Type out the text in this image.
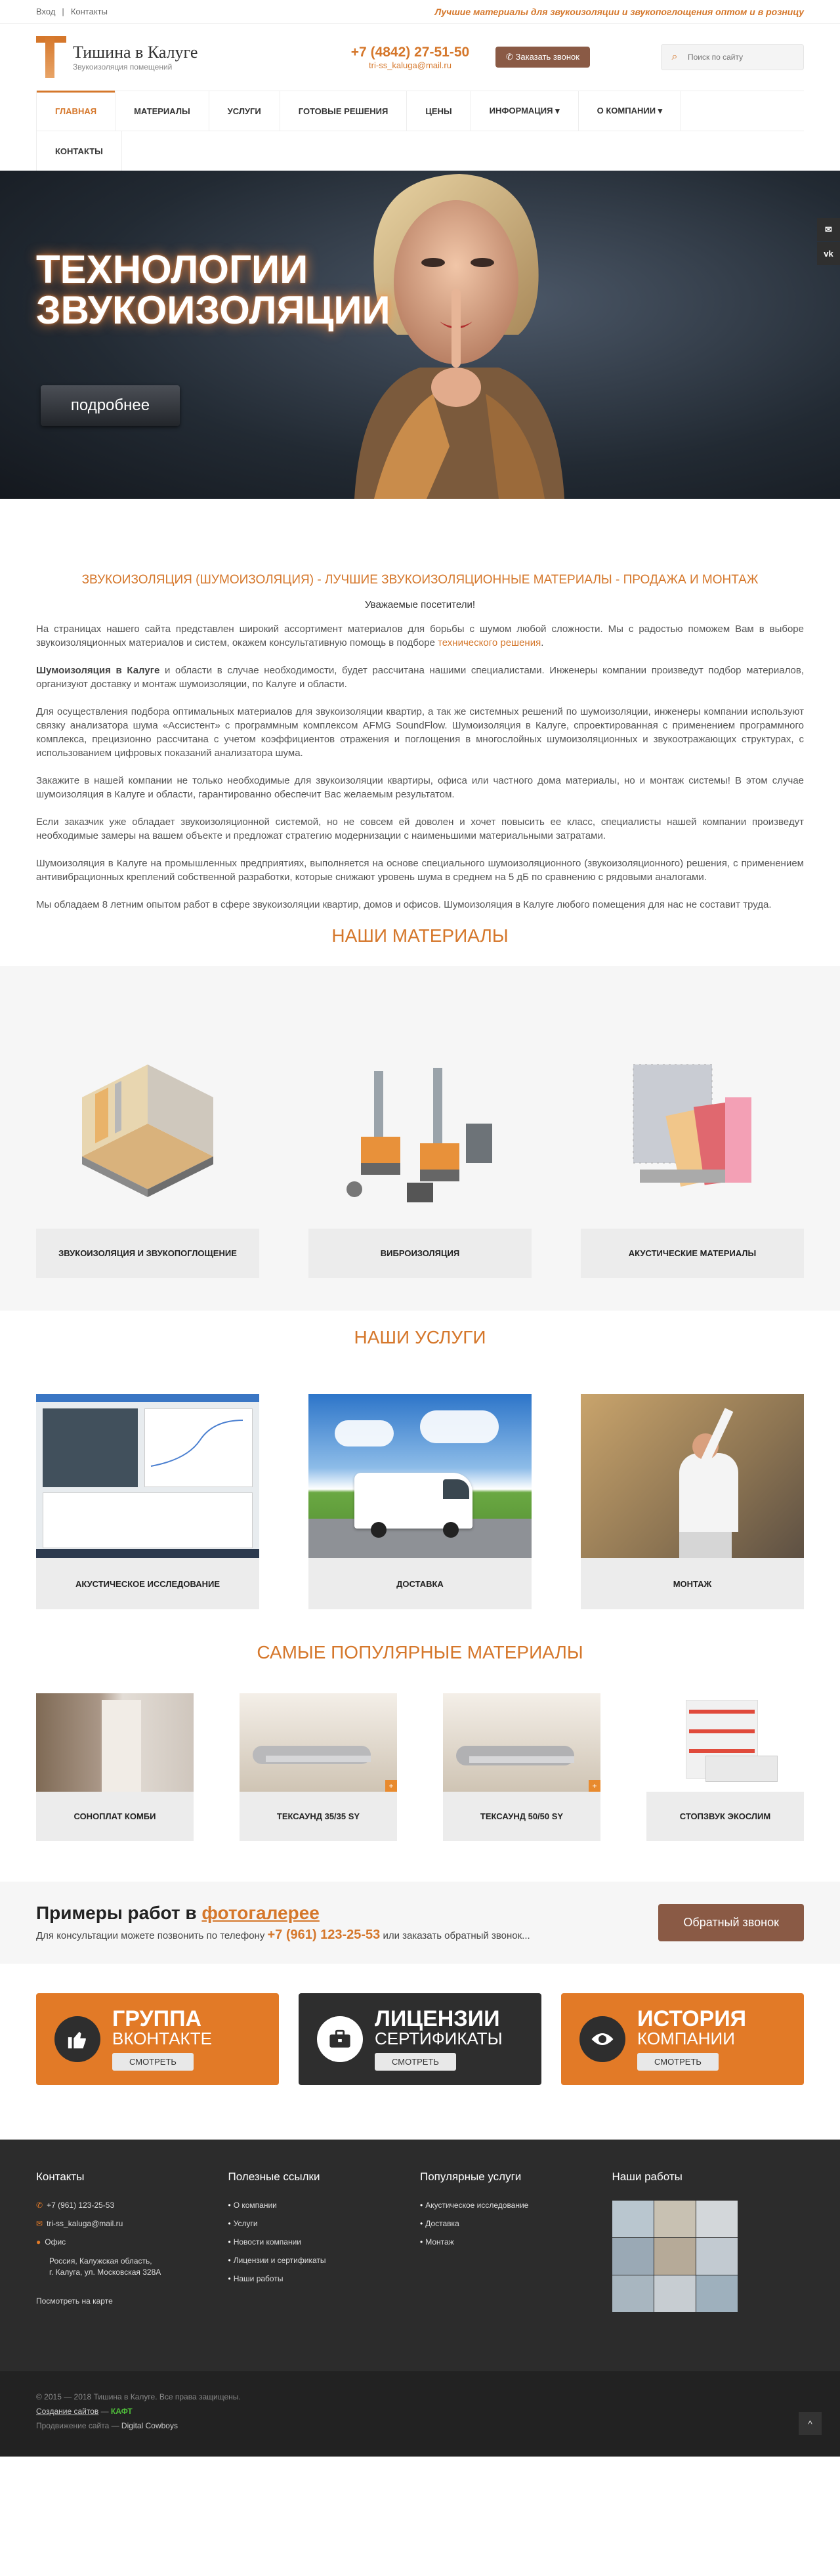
Вход | Контакты	Лучшие материалы для звукоизоляции и звукопоглощения оптом и в розницу
Тишина в Калуге
Звукоизоляция помещений
+7 (4842) 27-51-50
tri-ss_kaluga@mail.ru
✆ Заказать звонок	⌕
Поиск по сайту
ГЛАВНАЯ	МАТЕРИАЛЫ	УСЛУГИ	ГОТОВЫЕ РЕШЕНИЯ	ЦЕНЫ	ИНФОРМАЦИЯ ▾	О КОМПАНИИ ▾
КОНТАКТЫ
ТЕХНОЛОГИИ
ЗВУКОИЗОЛЯЦИИ
подробнее
✉
vk
ЗВУКОИЗОЛЯЦИЯ (ШУМОИЗОЛЯЦИЯ) - ЛУЧШИЕ ЗВУКОИЗОЛЯЦИОННЫЕ МАТЕРИАЛЫ - ПРОДАЖА И МОНТАЖ
Уважаемые посетители!

На страницах нашего сайта представлен широкий ассортимент материалов для борьбы с шумом любой сложности. Мы с радостью поможем Вам в выборе звукоизоляционных материалов и систем, окажем консультативную помощь в подборе технического решения.

Шумоизоляция в Калуге и области в случае необходимости, будет рассчитана нашими специалистами. Инженеры компании произведут подбор материалов, организуют доставку и монтаж шумоизоляции, по Калуге и области.

Для осуществления подбора оптимальных материалов для звукоизоляции квартир, а так же системных решений по шумоизоляции, инженеры компании используют связку анализатора шума «Ассистент» с программным комплексом AFMG SoundFlow. Шумоизоляция в Калуге, спроектированная с применением программного комплекса, прецизионно рассчитана с учетом коэффициентов отражения и поглощения в многослойных шумоизоляционных и звукоотражающих структурах, с использованием цифровых показаний анализатора шума.

Закажите в нашей компании не только необходимые для звукоизоляции квартиры, офиса или частного дома материалы, но и монтаж системы! В этом случае шумоизоляция в Калуге и области, гарантированно обеспечит Вас желаемым результатом.

Если заказчик уже обладает звукоизоляционной системой, но не совсем ей доволен и хочет повысить ее класс, специалисты нашей компании произведут необходимые замеры на вашем объекте и предложат стратегию модернизации с наименьшими материальными затратами.

Шумоизоляция в Калуге на промышленных предприятиях, выполняется на основе специального шумоизоляционного (звукоизоляционного) решения, с применением антивибрационных креплений собственной разработки, которые снижают уровень шума в среднем на 5 дБ по сравнению с рядовыми аналогами.

Мы обладаем 8 летним опытом работ в сфере звукоизоляции квартир, домов и офисов. Шумоизоляция в Калуге любого помещения для нас не составит труда.

НАШИ МАТЕРИАЛЫ
ЗВУКОИЗОЛЯЦИЯ И ЗВУКОПОГЛОЩЕНИЕ	ВИБРОИЗОЛЯЦИЯ	АКУСТИЧЕСКИЕ МАТЕРИАЛЫ
НАШИ УСЛУГИ
АКУСТИЧЕСКОЕ ИССЛЕДОВАНИЕ	ДОСТАВКА	МОНТАЖ
САМЫЕ ПОПУЛЯРНЫЕ МАТЕРИАЛЫ
СОНОПЛАТ КОМБИ
+
ТЕКСАУНД 35/35 SY
+
ТЕКСАУНД 50/50 SY	СТОПЗВУК ЭКОСЛИМ
Примеры работ в фотогалерее
Для консультации можете позвонить по телефону +7 (961) 123-25-53 или заказать обратный звонок...
Обратный звонок
ГРУППА
ВКОНТАКТЕ
СМОТРЕТЬ
ЛИЦЕНЗИИ
СЕРТИФИКАТЫ
СМОТРЕТЬ
ИСТОРИЯ
КОМПАНИИ
СМОТРЕТЬ
Контакты
✆ +7 (961) 123-25-53
✉ tri-ss_kaluga@mail.ru
● Офис
Россия, Калужская область,
г. Калуга, ул. Московская 328А
Посмотреть на карте
Полезные ссылки
• О компании
• Услуги
• Новости компании
• Лицензии и сертификаты
• Наши работы
Популярные услуги
• Акустическое исследование
• Доставка
• Монтаж
Наши работы
© 2015 — 2018 Тишина в Калуге. Все права защищены.
Создание сайтов — КАФТ
Продвижение сайта — Digital Cowboys	^
